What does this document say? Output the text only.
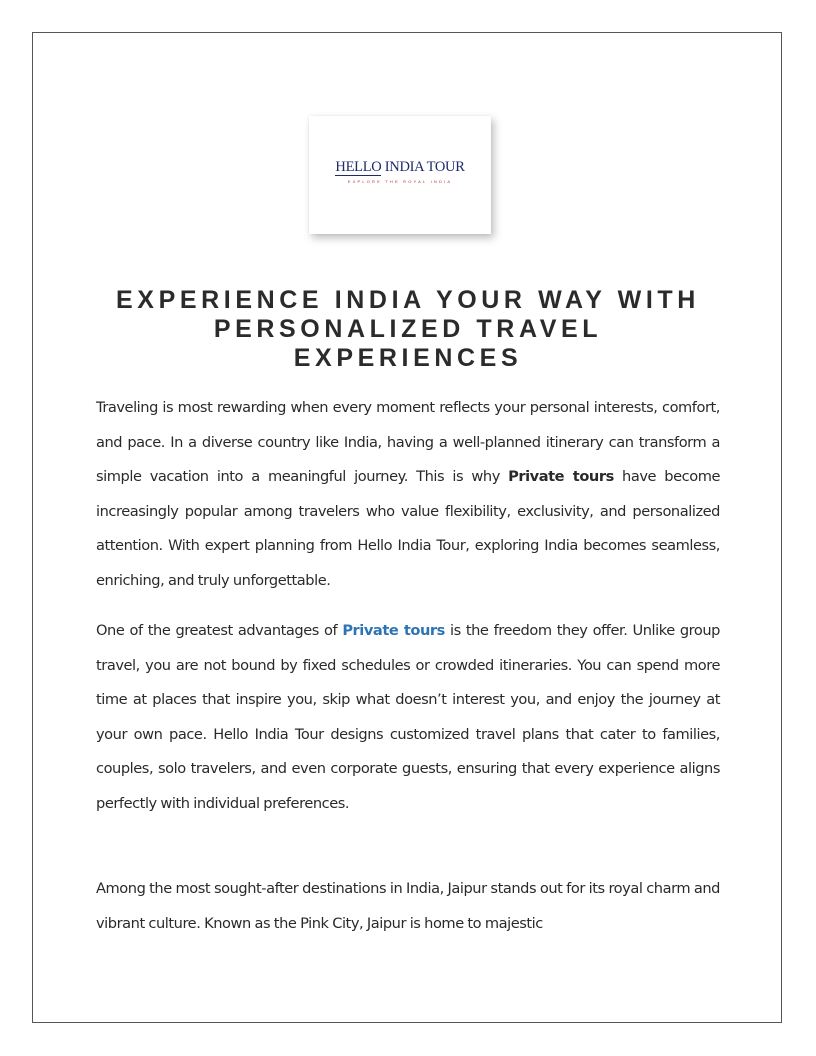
HELLO INDIA TOUR
EXPLORE THE ROYAL INDIA
EXPERIENCE INDIA YOUR WAY WITH PERSONALIZED TRAVEL EXPERIENCES

Traveling is most rewarding when every moment reflects your personal interests, comfort, and pace. In a diverse country like India, having a well-planned itinerary can transform a simple vacation into a meaningful journey. This is why Private tours have become increasingly popular among travelers who value flexibility, exclusivity, and personalized attention. With expert planning from Hello India Tour, exploring India becomes seamless, enriching, and truly unforgettable.

One of the greatest advantages of Private tours is the freedom they offer. Unlike group travel, you are not bound by fixed schedules or crowded itineraries. You can spend more time at places that inspire you, skip what doesn’t interest you, and enjoy the journey at your own pace. Hello India Tour designs customized travel plans that cater to families, couples, solo travelers, and even corporate guests, ensuring that every experience aligns perfectly with individual preferences.

Among the most sought-after destinations in India, Jaipur stands out for its royal charm and vibrant culture. Known as the Pink City, Jaipur is home to majestic
